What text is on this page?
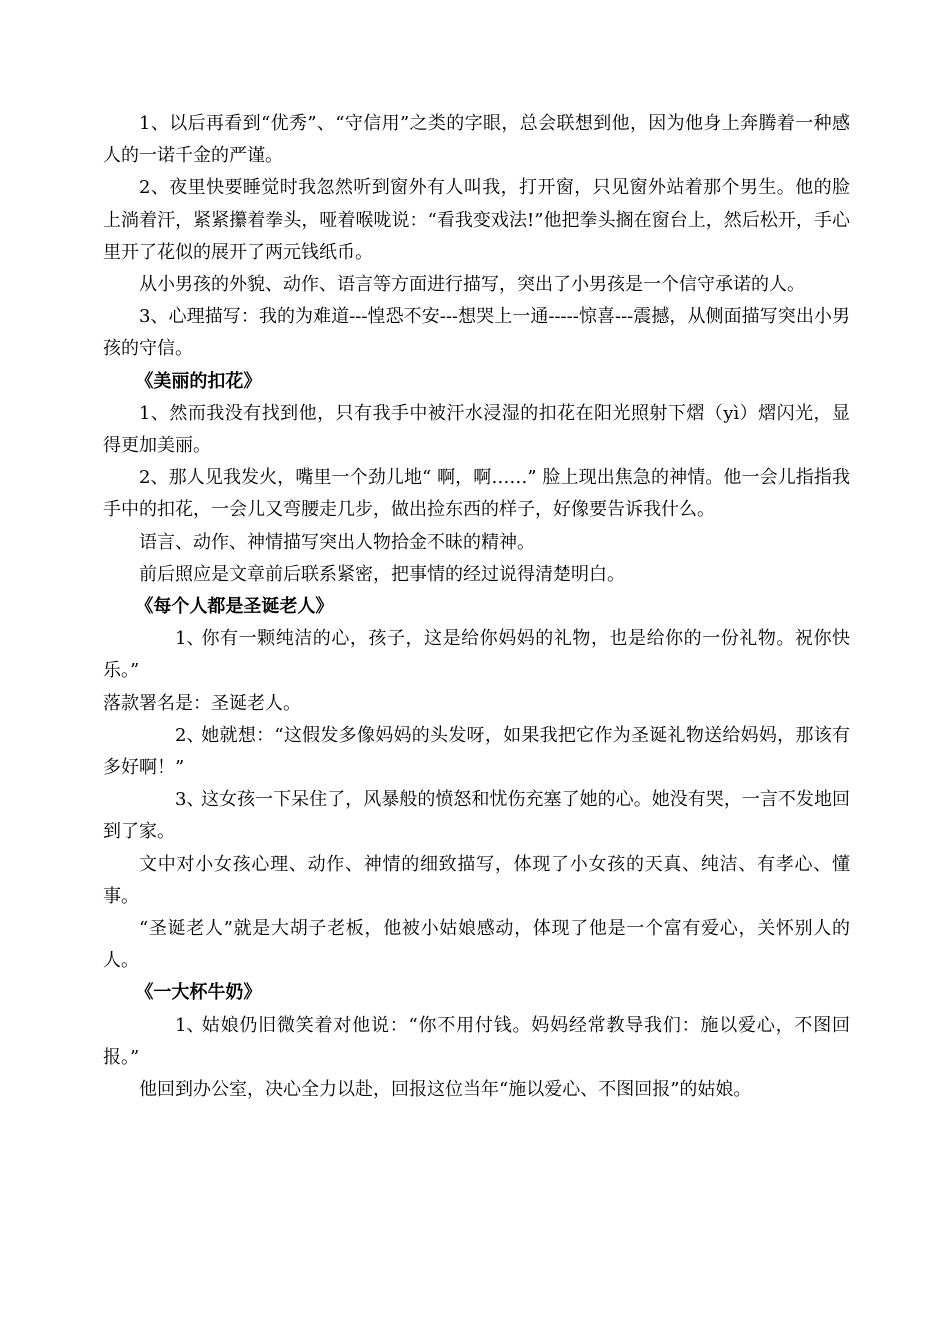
1、以后再看到“优秀”、“守信用”之类的字眼，总会联想到他，因为他身上奔腾着一种感人的一诺千金的严谨。

2、夜里快要睡觉时我忽然听到窗外有人叫我，打开窗，只见窗外站着那个男生。他的脸上淌着汗，紧紧攥着拳头，哑着喉咙说：“看我变戏法!”他把拳头搁在窗台上，然后松开，手心里开了花似的展开了两元钱纸币。

从小男孩的外貌、动作、语言等方面进行描写，突出了小男孩是一个信守承诺的人。

3、心理描写：我的为难道---惶恐不安---想哭上一通-----惊喜---震撼，从侧面描写突出小男孩的守信。

《美丽的扣花》

1、然而我没有找到他，只有我手中被汗水浸湿的扣花在阳光照射下熠（yì）熠闪光，显得更加美丽。

2、那人见我发火，嘴里一个劲儿地“ 啊，啊……” 脸上现出焦急的神情。他一会儿指指我手中的扣花，一会儿又弯腰走几步，做出捡东西的样子，好像要告诉我什么。

语言、动作、神情描写突出人物拾金不昧的精神。

前后照应是文章前后联系紧密，把事情的经过说得清楚明白。

《每个人都是圣诞老人》

1、你有一颗纯洁的心，孩子，这是给你妈妈的礼物，也是给你的一份礼物。祝你快乐。”

落款署名是：圣诞老人。

2、她就想：“这假发多像妈妈的头发呀，如果我把它作为圣诞礼物送给妈妈，那该有多好啊！”

3、这女孩一下呆住了，风暴般的愤怒和忧伤充塞了她的心。她没有哭，一言不发地回到了家。

文中对小女孩心理、动作、神情的细致描写，体现了小女孩的天真、纯洁、有孝心、懂事。

“圣诞老人”就是大胡子老板，他被小姑娘感动，体现了他是一个富有爱心，关怀别人的人。

《一大杯牛奶》

1、姑娘仍旧微笑着对他说：“你不用付钱。妈妈经常教导我们：施以爱心，不图回报。”

他回到办公室，决心全力以赴，回报这位当年“施以爱心、不图回报”的姑娘。
